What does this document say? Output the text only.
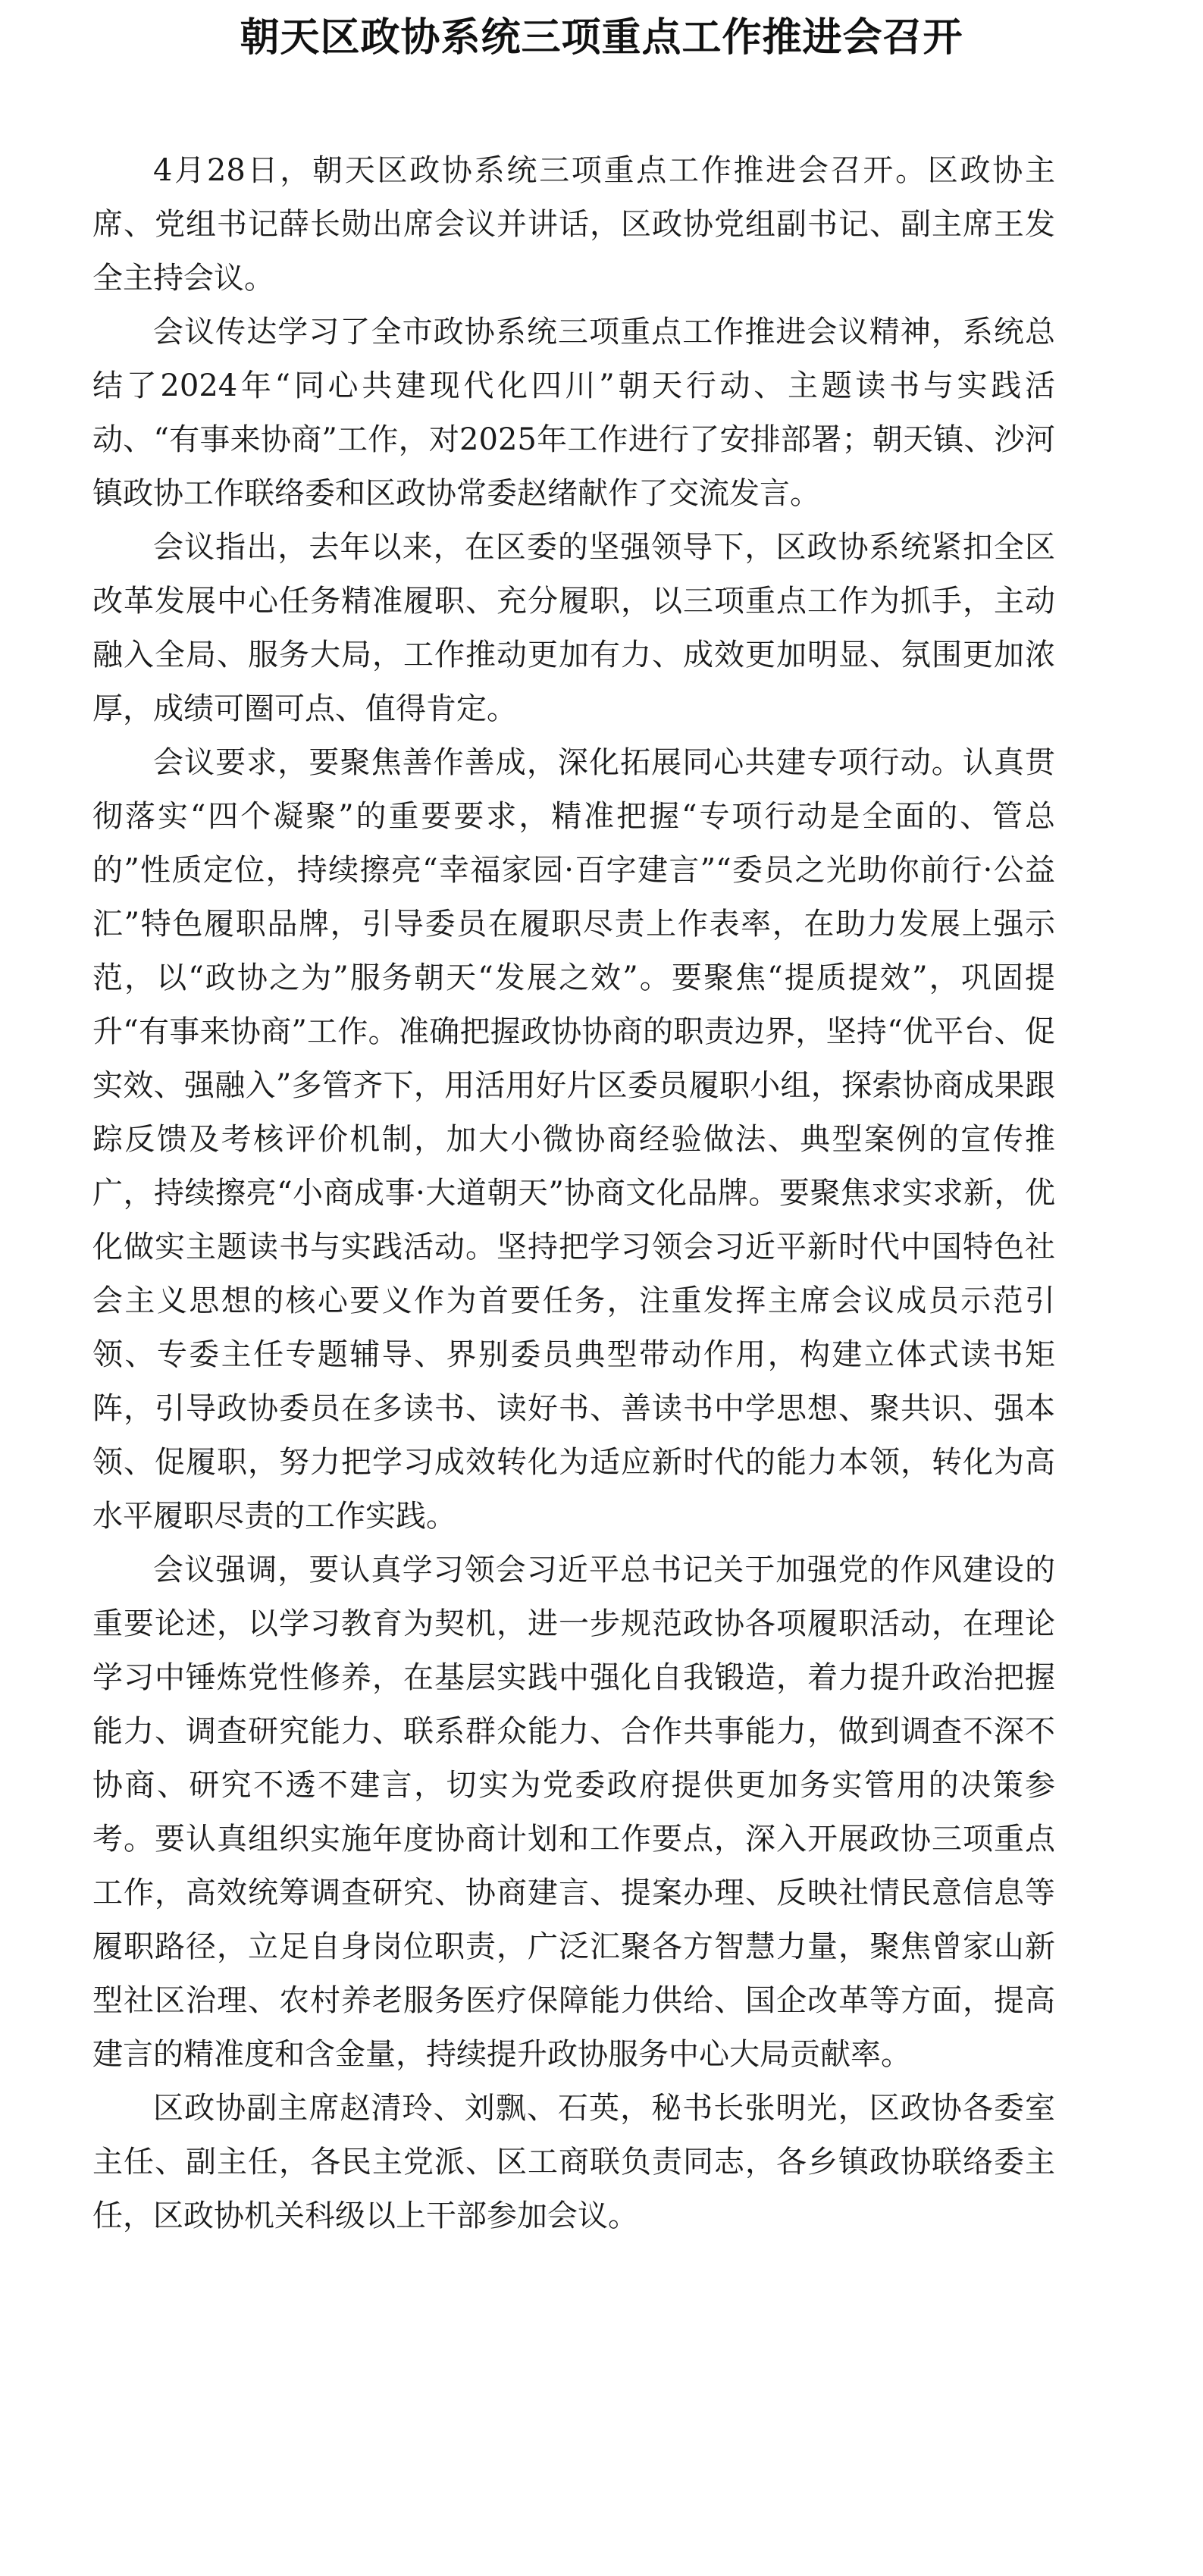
朝天区政协系统三项重点工作推进会召开

4月28日，朝天区政协系统三项重点工作推进会召开。区政协主席、党组书记薛长勋出席会议并讲话，区政协党组副书记、副主席王发全主持会议。

会议传达学习了全市政协系统三项重点工作推进会议精神，系统总结了2024年“同心共建现代化四川”朝天行动、主题读书与实践活动、“有事来协商”工作，对2025年工作进行了安排部署；朝天镇、沙河镇政协工作联络委和区政协常委赵绪献作了交流发言。

会议指出，去年以来，在区委的坚强领导下，区政协系统紧扣全区改革发展中心任务精准履职、充分履职，以三项重点工作为抓手，主动融入全局、服务大局，工作推动更加有力、成效更加明显、氛围更加浓厚，成绩可圈可点、值得肯定。

会议要求，要聚焦善作善成，深化拓展同心共建专项行动。认真贯彻落实“四个凝聚”的重要要求，精准把握“专项行动是全面的、管总的”性质定位，持续擦亮“幸福家园·百字建言”“委员之光助你前行·公益汇”特色履职品牌，引导委员在履职尽责上作表率，在助力发展上强示范，以“政协之为”服务朝天“发展之效”。要聚焦“提质提效”，巩固提升“有事来协商”工作。准确把握政协协商的职责边界，坚持“优平台、促实效、强融入”多管齐下，用活用好片区委员履职小组，探索协商成果跟踪反馈及考核评价机制，加大小微协商经验做法、典型案例的宣传推广，持续擦亮“小商成事·大道朝天”协商文化品牌。要聚焦求实求新，优化做实主题读书与实践活动。坚持把学习领会习近平新时代中国特色社会主义思想的核心要义作为首要任务，注重发挥主席会议成员示范引领、专委主任专题辅导、界别委员典型带动作用，构建立体式读书矩阵，引导政协委员在多读书、读好书、善读书中学思想、聚共识、强本领、促履职，努力把学习成效转化为适应新时代的能力本领，转化为高水平履职尽责的工作实践。

会议强调，要认真学习领会习近平总书记关于加强党的作风建设的重要论述，以学习教育为契机，进一步规范政协各项履职活动，在理论学习中锤炼党性修养，在基层实践中强化自我锻造，着力提升政治把握能力、调查研究能力、联系群众能力、合作共事能力，做到调查不深不协商、研究不透不建言，切实为党委政府提供更加务实管用的决策参考。要认真组织实施年度协商计划和工作要点，深入开展政协三项重点工作，高效统筹调查研究、协商建言、提案办理、反映社情民意信息等履职路径，立足自身岗位职责，广泛汇聚各方智慧力量，聚焦曾家山新型社区治理、农村养老服务医疗保障能力供给、国企改革等方面，提高建言的精准度和含金量，持续提升政协服务中心大局贡献率。

区政协副主席赵清玲、刘飘、石英，秘书长张明光，区政协各委室主任、副主任，各民主党派、区工商联负责同志，各乡镇政协联络委主任，区政协机关科级以上干部参加会议。
